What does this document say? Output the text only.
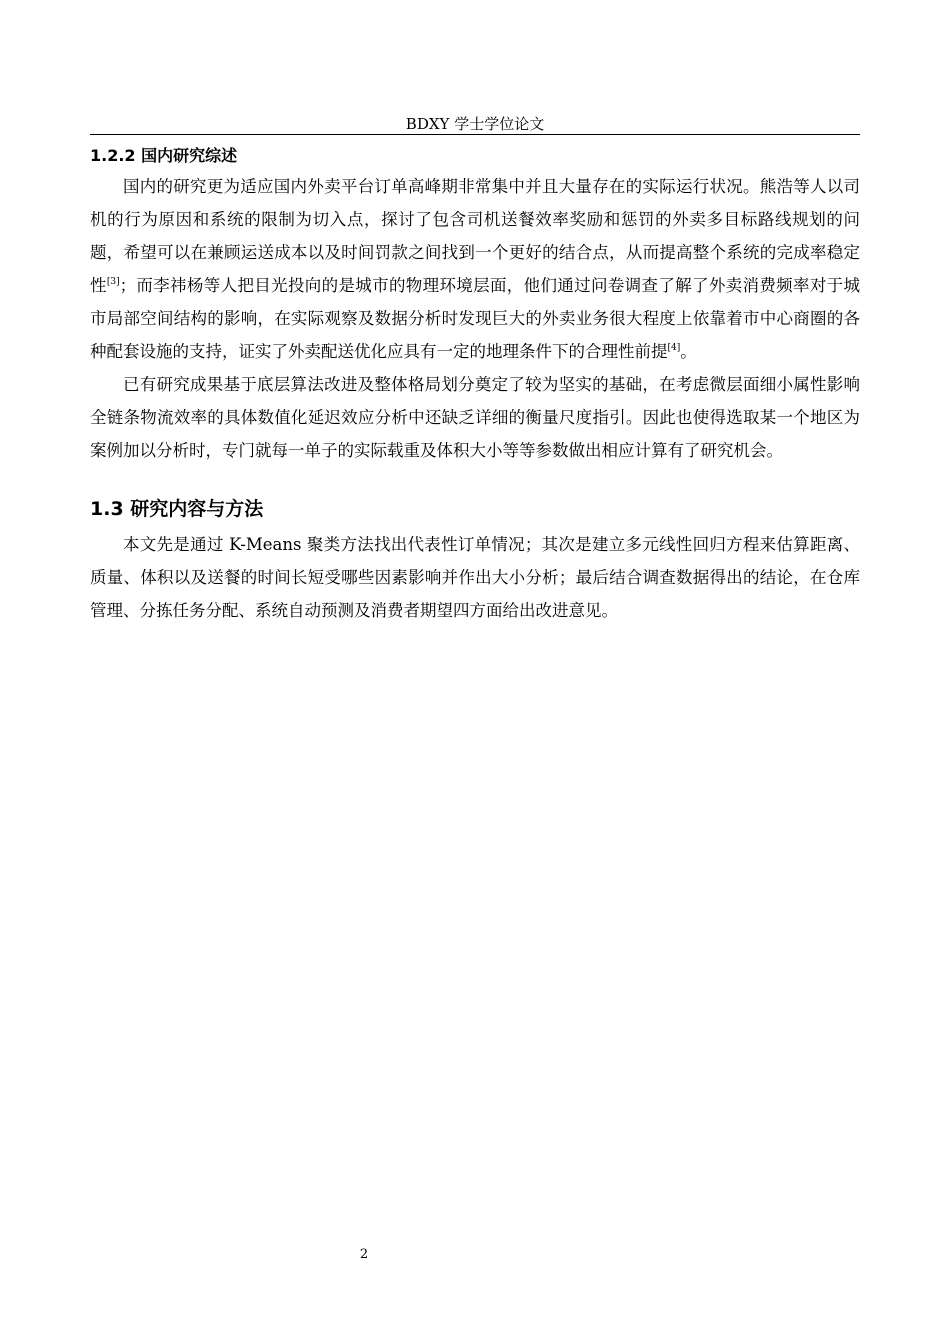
BDXY 学士学位论文
1.2.2 国内研究综述

国内的研究更为适应国内外卖平台订单高峰期非常集中并且大量存在的实际运行状况。熊浩等人以司机的行为原因和系统的限制为切入点，探讨了包含司机送餐效率奖励和惩罚的外卖多目标路线规划的问题，希望可以在兼顾运送成本以及时间罚款之间找到一个更好的结合点，从而提高整个系统的完成率稳定性[3]；而李祎杨等人把目光投向的是城市的物理环境层面，他们通过问卷调查了解了外卖消费频率对于城市局部空间结构的影响，在实际观察及数据分析时发现巨大的外卖业务很大程度上依靠着市中心商圈的各种配套设施的支持，证实了外卖配送优化应具有一定的地理条件下的合理性前提[4]。

已有研究成果基于底层算法改进及整体格局划分奠定了较为坚实的基础，在考虑微层面细小属性影响全链条物流效率的具体数值化延迟效应分析中还缺乏详细的衡量尺度指引。因此也使得选取某一个地区为案例加以分析时，专门就每一单子的实际载重及体积大小等等参数做出相应计算有了研究机会。

1.3 研究内容与方法

本文先是通过 K-Means 聚类方法找出代表性订单情况；其次是建立多元线性回归方程来估算距离、质量、体积以及送餐的时间长短受哪些因素影响并作出大小分析；最后结合调查数据得出的结论，在仓库管理、分拣任务分配、系统自动预测及消费者期望四方面给出改进意见。

2
